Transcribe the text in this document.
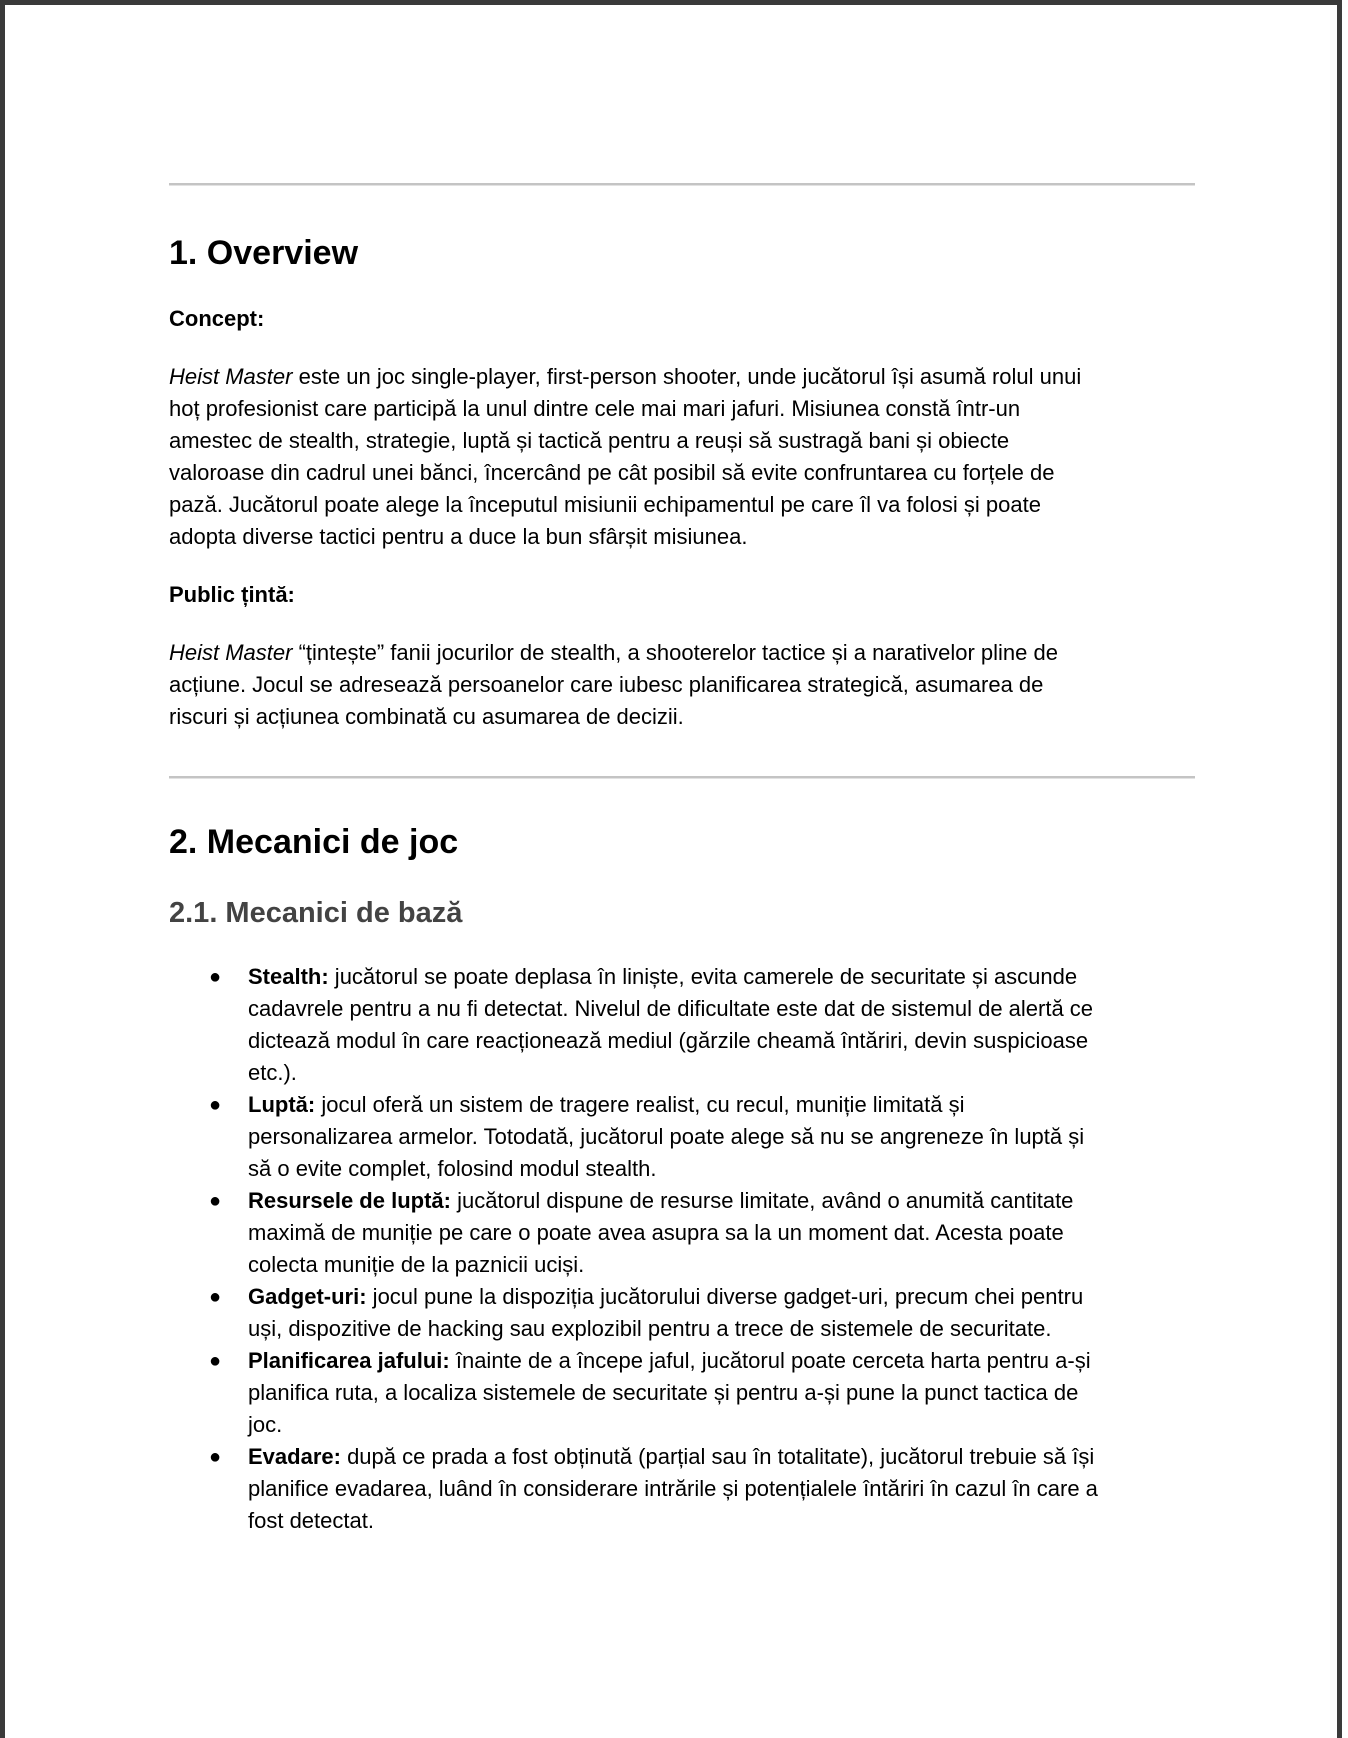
1. Overview
Concept:
Heist Master este un joc single-player, first-person shooter, unde jucătorul își asumă rolul unui
hoț profesionist care participă la unul dintre cele mai mari jafuri. Misiunea constă într-un
amestec de stealth, strategie, luptă și tactică pentru a reuși să sustragă bani și obiecte
valoroase din cadrul unei bănci, încercând pe cât posibil să evite confruntarea cu forțele de
pază. Jucătorul poate alege la începutul misiunii echipamentul pe care îl va folosi și poate
adopta diverse tactici pentru a duce la bun sfârșit misiunea.
Public țintă:
Heist Master “țintește” fanii jocurilor de stealth, a shooterelor tactice și a narativelor pline de
acțiune. Jocul se adresează persoanelor care iubesc planificarea strategică, asumarea de
riscuri și acțiunea combinată cu asumarea de decizii.
2. Mecanici de joc
2.1. Mecanici de bază
● Stealth: jucătorul se poate deplasa în liniște, evita camerele de securitate și ascunde
cadavrele pentru a nu fi detectat. Nivelul de dificultate este dat de sistemul de alertă ce
dictează modul în care reacționează mediul (gărzile cheamă întăriri, devin suspicioase
etc.).
● Luptă: jocul oferă un sistem de tragere realist, cu recul, muniție limitată și
personalizarea armelor. Totodată, jucătorul poate alege să nu se angreneze în luptă și
să o evite complet, folosind modul stealth.
● Resursele de luptă: jucătorul dispune de resurse limitate, având o anumită cantitate
maximă de muniție pe care o poate avea asupra sa la un moment dat. Acesta poate
colecta muniție de la paznicii uciși.
● Gadget-uri: jocul pune la dispoziția jucătorului diverse gadget-uri, precum chei pentru
uși, dispozitive de hacking sau explozibil pentru a trece de sistemele de securitate.
● Planificarea jafului: înainte de a începe jaful, jucătorul poate cerceta harta pentru a-și
planifica ruta, a localiza sistemele de securitate și pentru a-și pune la punct tactica de
joc.
● Evadare: după ce prada a fost obținută (parțial sau în totalitate), jucătorul trebuie să își
planifice evadarea, luând în considerare intrările și potențialele întăriri în cazul în care a
fost detectat.
